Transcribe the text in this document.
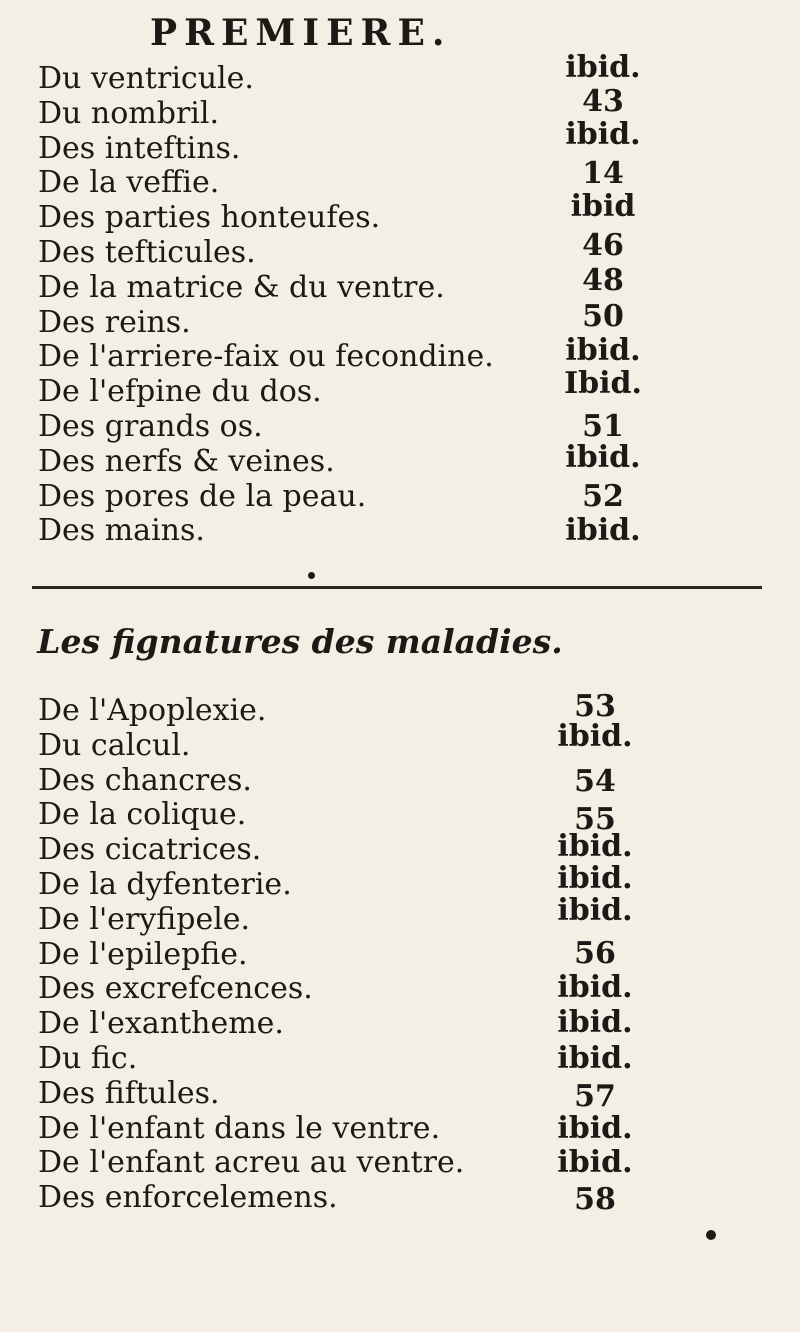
PREMIERE.
Du ventricule.
Du nombril.
Des inteftins.
De la veffie.
Des parties honteufes.
Des tefticules.
De la matrice & du ventre.
Des reins.
De l'arriere-faix ou fecondine.
De l'efpine du dos.
Des grands os.
Des nerfs & veines.
Des pores de la peau.
Des mains.
ibid.
43
ibid.
14
ibid
46
48
50
ibid.
Ibid.
51
ibid.
52
ibid.
Les fignatures des maladies.
De l'Apoplexie.
Du calcul.
Des chancres.
De la colique.
Des cicatrices.
De la dyfenterie.
De l'eryfipele.
De l'epilepfie.
Des excrefcences.
De l'exantheme.
Du fic.
Des fiftules.
De l'enfant dans le ventre.
De l'enfant acreu au ventre.
Des enforcelemens.
53
ibid.
54
55
ibid.
ibid.
ibid.
56
ibid.
ibid.
ibid.
57
ibid.
ibid.
58
